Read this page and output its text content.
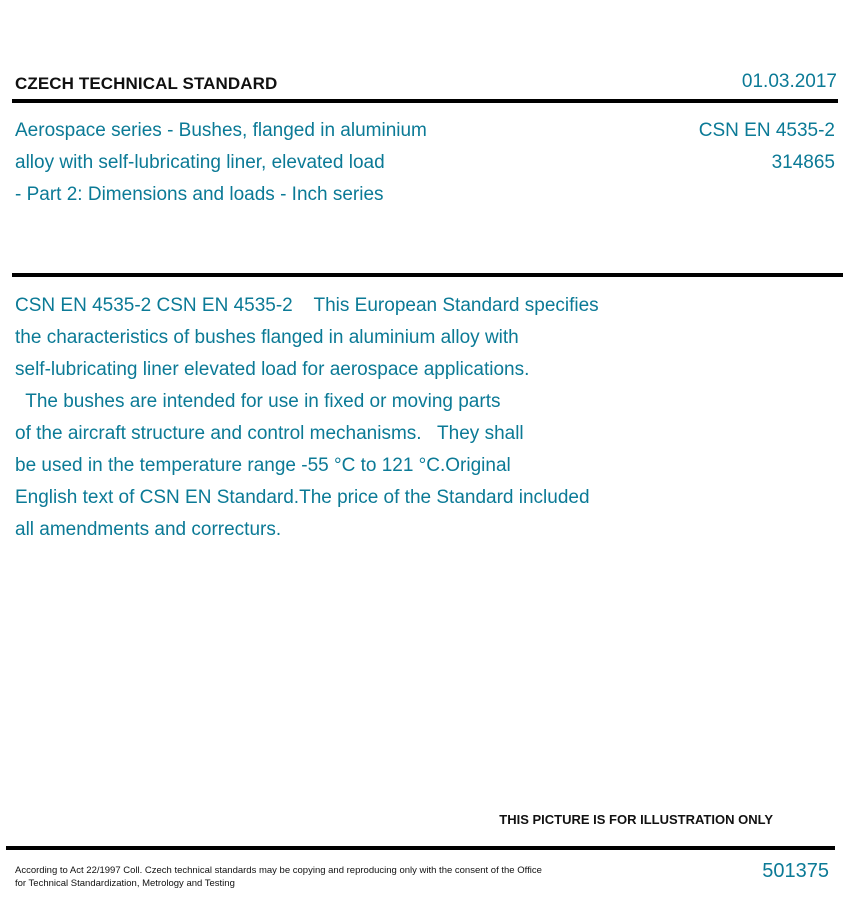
CZECH TECHNICAL STANDARD	01.03.2017
Aerospace series - Bushes, flanged in aluminium
alloy with self-lubricating liner, elevated load
- Part 2: Dimensions and loads - Inch series
CSN EN 4535-2
314865
CSN EN 4535-2 CSN EN 4535-2    This European Standard specifies
the characteristics of bushes flanged in aluminium alloy with
self-lubricating liner elevated load for aerospace applications.
The bushes are intended for use in fixed or moving parts
of the aircraft structure and control mechanisms.   They shall
be used in the temperature range -55 °C to 121 °C.Original
English text of CSN EN Standard.The price of the Standard included
all amendments and correcturs.
THIS PICTURE IS FOR ILLUSTRATION ONLY
According to Act 22/1997 Coll. Czech technical standards may be copying and reproducing only with the consent of the Office
for Technical Standardization, Metrology and Testing
501375
